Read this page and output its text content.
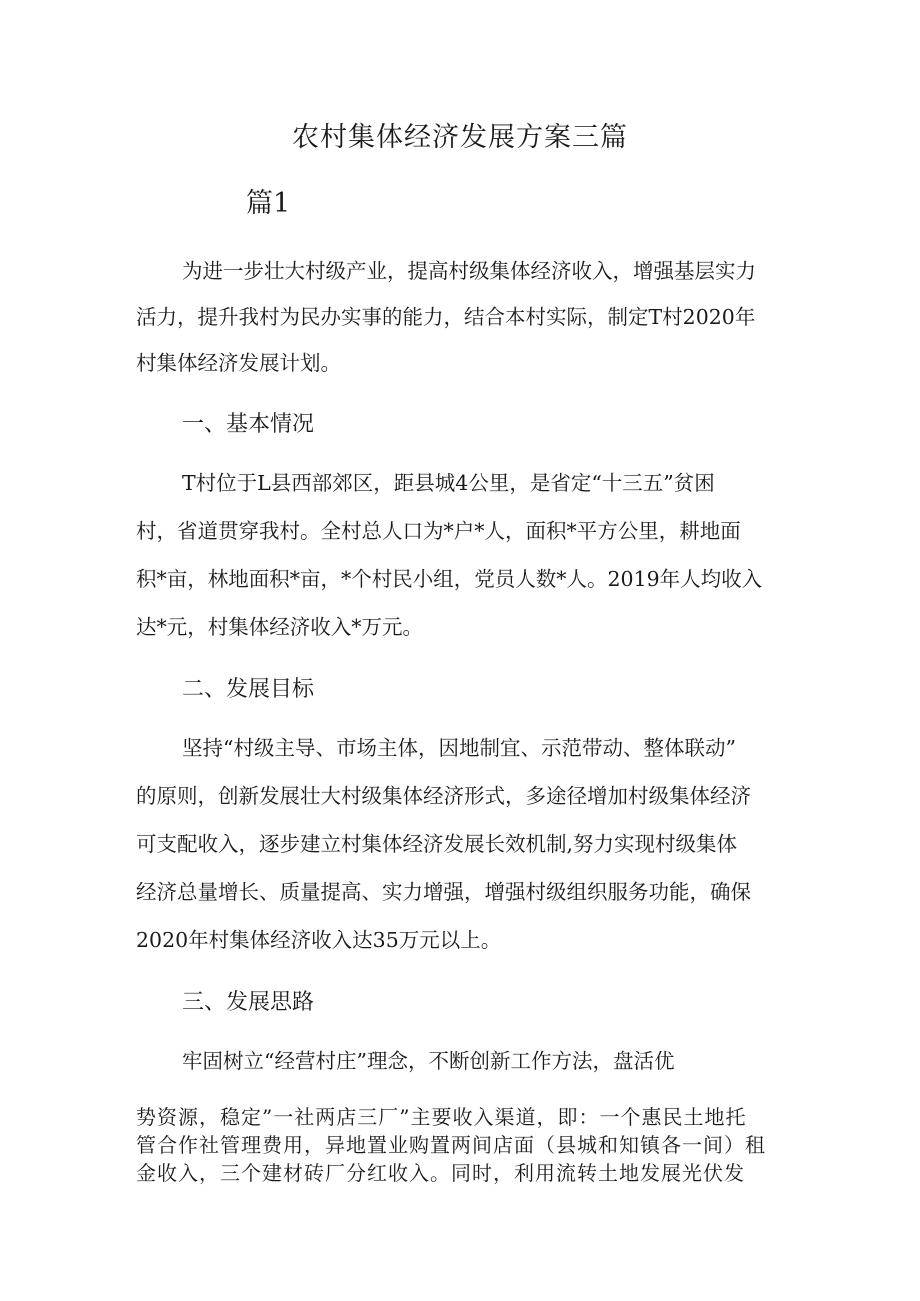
农村集体经济发展方案三篇
篇1

为进一步壮大村级产业，提高村级集体经济收入，增强基层实力

活力，提升我村为民办实事的能力，结合本村实际，制定T村2020年

村集体经济发展计划。

一、基本情况

T村位于L县西部郊区，距县城4公里，是省定“十三五”贫困

村，省道贯穿我村。全村总人口为*户*人，面积*平方公里，耕地面

积*亩，林地面积*亩，*个村民小组，党员人数*人。2019年人均收入

达*元，村集体经济收入*万元。

二、发展目标

坚持“村级主导、市场主体，因地制宜、示范带动、整体联动”

的原则，创新发展壮大村级集体经济形式，多途径增加村级集体经济

可支配收入，逐步建立村集体经济发展长效机制,努力实现村级集体

经济总量增长、质量提高、实力增强，增强村级组织服务功能，确保

2020年村集体经济收入达35万元以上。

三、发展思路

牢固树立“经营村庄”理念，不断创新工作方法，盘活优

势资源，稳定”一社两店三厂”主要收入渠道，即：一个惠民土地托

管合作社管理费用，异地置业购置两间店面（县城和知镇各一间）租

金收入，三个建材砖厂分红收入。同时，利用流转土地发展光伏发
